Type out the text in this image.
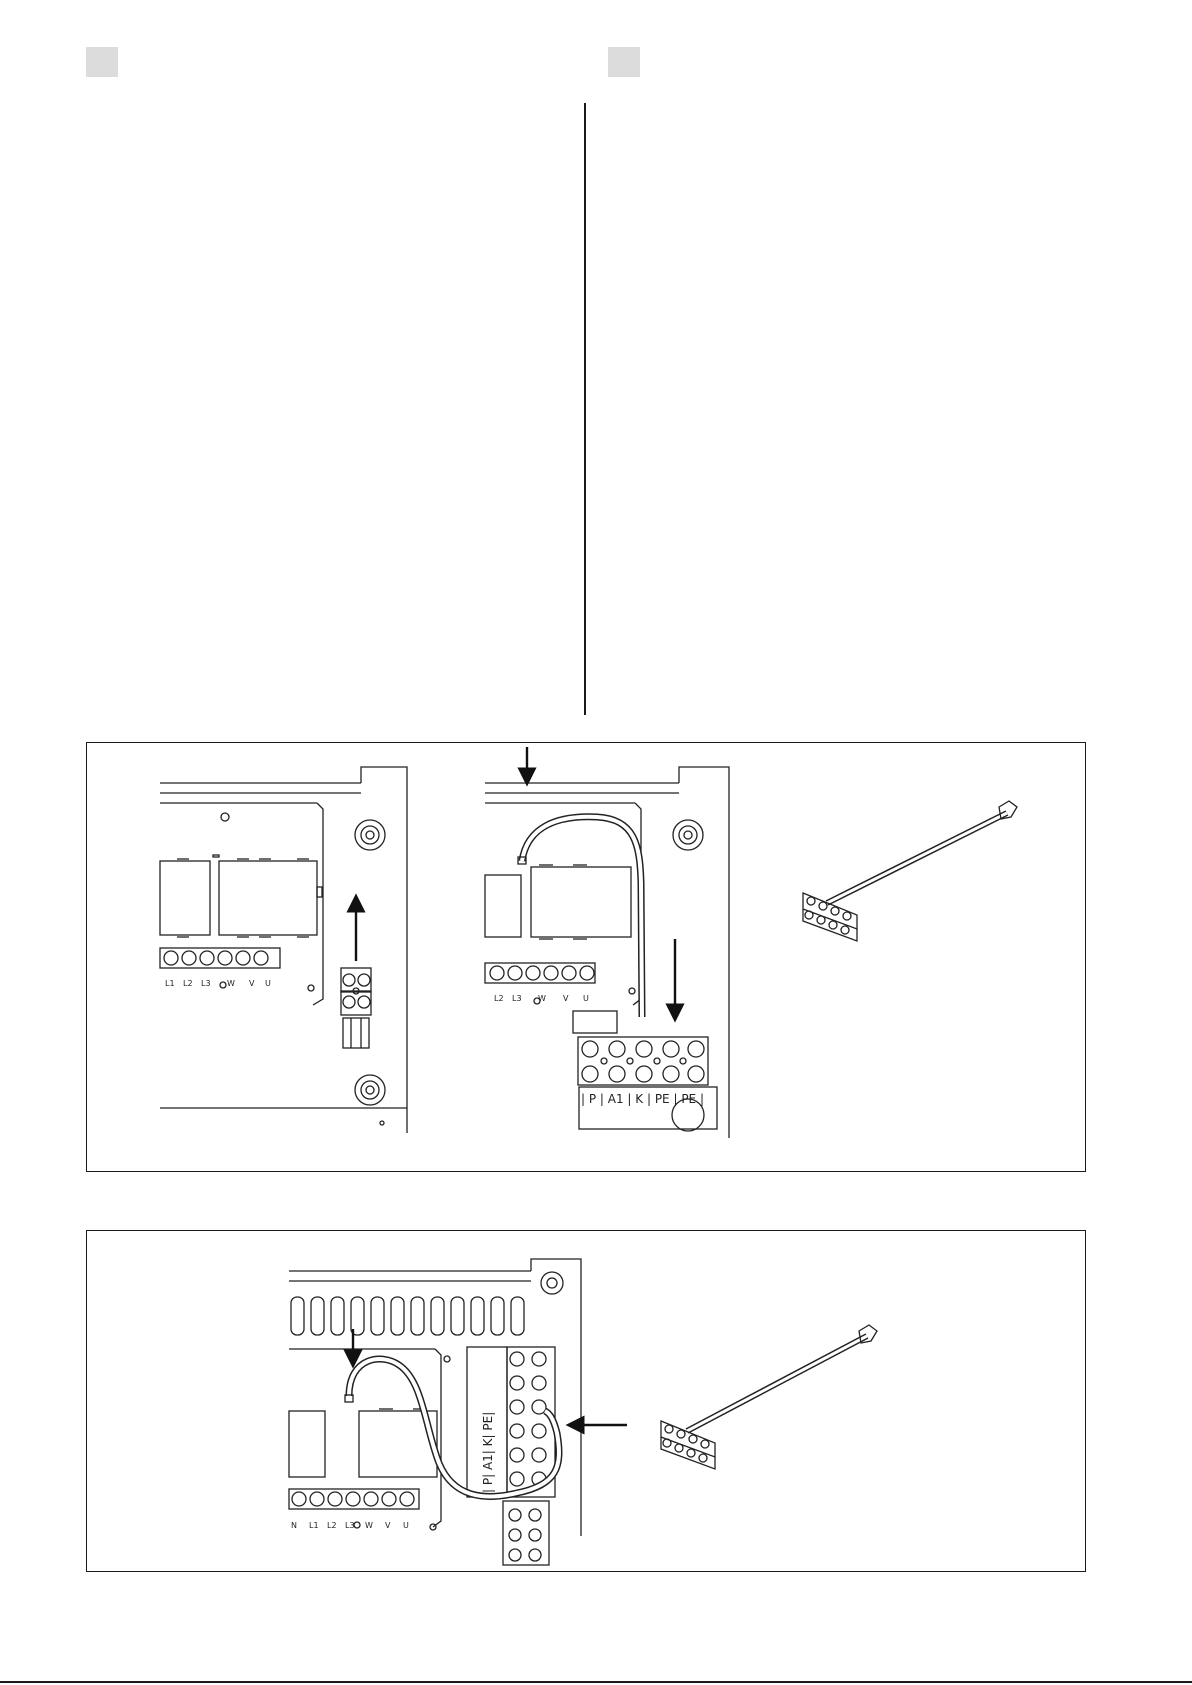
L1 L2 L3 W V U
L2 L3 W V U
| P | A1 | K | PE | PE |
N L1 L2 L3 W V U
| P| A1| K| PE|
